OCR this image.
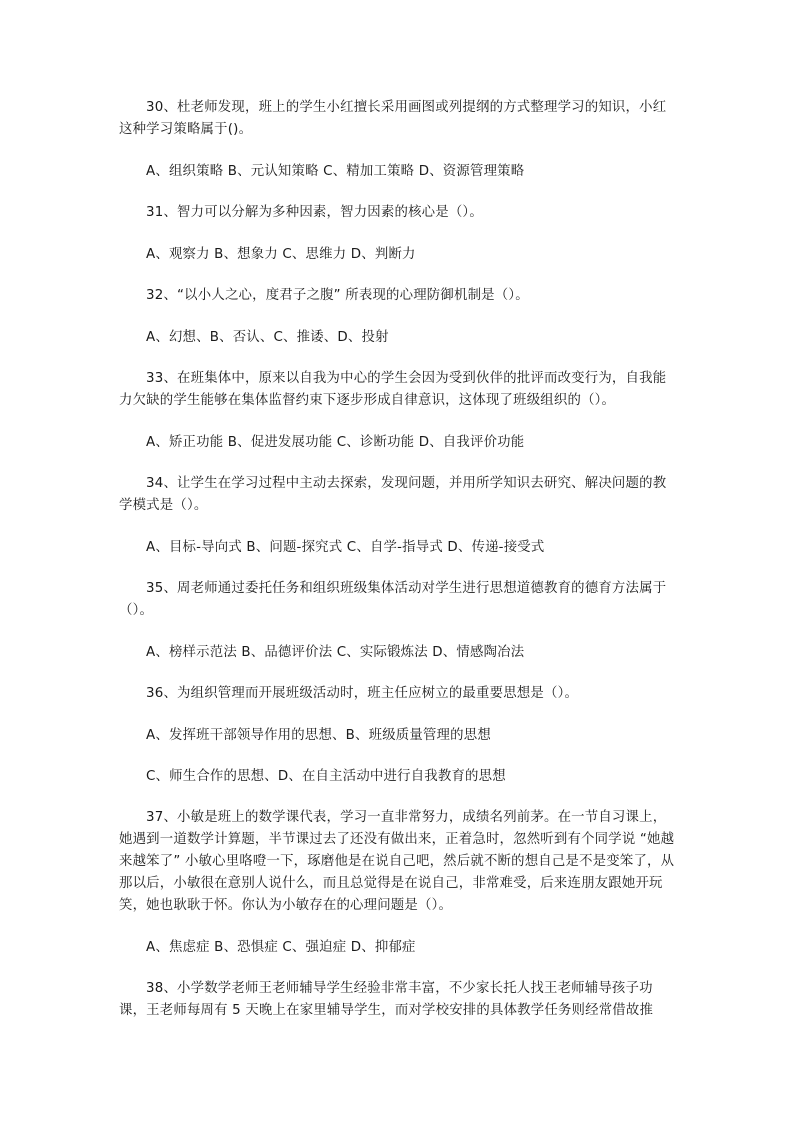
30、杜老师发现，班上的学生小红擅长采用画图或列提纲的方式整理学习的知识，小红这种学习策略属于()。

A、组织策略 B、元认知策略 C、精加工策略 D、资源管理策略

31、智力可以分解为多种因素，智力因素的核心是（）。

A、观察力 B、想象力 C、思维力 D、判断力

32、“以小人之心，度君子之腹” 所表现的心理防御机制是（）。

A、幻想、B、否认、C、推诿、D、投射

33、在班集体中，原来以自我为中心的学生会因为受到伙伴的批评而改变行为，自我能力欠缺的学生能够在集体监督约束下逐步形成自律意识，这体现了班级组织的（）。

A、矫正功能 B、促进发展功能 C、诊断功能 D、自我评价功能

34、让学生在学习过程中主动去探索，发现问题，并用所学知识去研究、解决问题的教学模式是（）。

A、目标-导向式 B、问题-探究式 C、自学-指导式 D、传递-接受式

35、周老师通过委托任务和组织班级集体活动对学生进行思想道德教育的德育方法属于（）。

A、榜样示范法 B、品德评价法 C、实际锻炼法 D、情感陶冶法

36、为组织管理而开展班级活动时，班主任应树立的最重要思想是（）。

A、发挥班干部领导作用的思想、B、班级质量管理的思想

C、师生合作的思想、D、在自主活动中进行自我教育的思想

37、小敏是班上的数学课代表，学习一直非常努力，成绩名列前茅。在一节自习课上，她遇到一道数学计算题，半节课过去了还没有做出来，正着急时，忽然听到有个同学说 “她越来越笨了” 小敏心里咯噔一下，琢磨他是在说自己吧，然后就不断的想自己是不是变笨了，从那以后，小敏很在意别人说什么，而且总觉得是在说自己，非常难受，后来连朋友跟她开玩笑，她也耿耿于怀。你认为小敏存在的心理问题是（）。

A、焦虑症 B、恐惧症 C、强迫症 D、抑郁症

38、小学数学老师王老师辅导学生经验非常丰富，不少家长托人找王老师辅导孩子功课，王老师每周有 5 天晚上在家里辅导学生，而对学校安排的具体教学任务则经常借故推
